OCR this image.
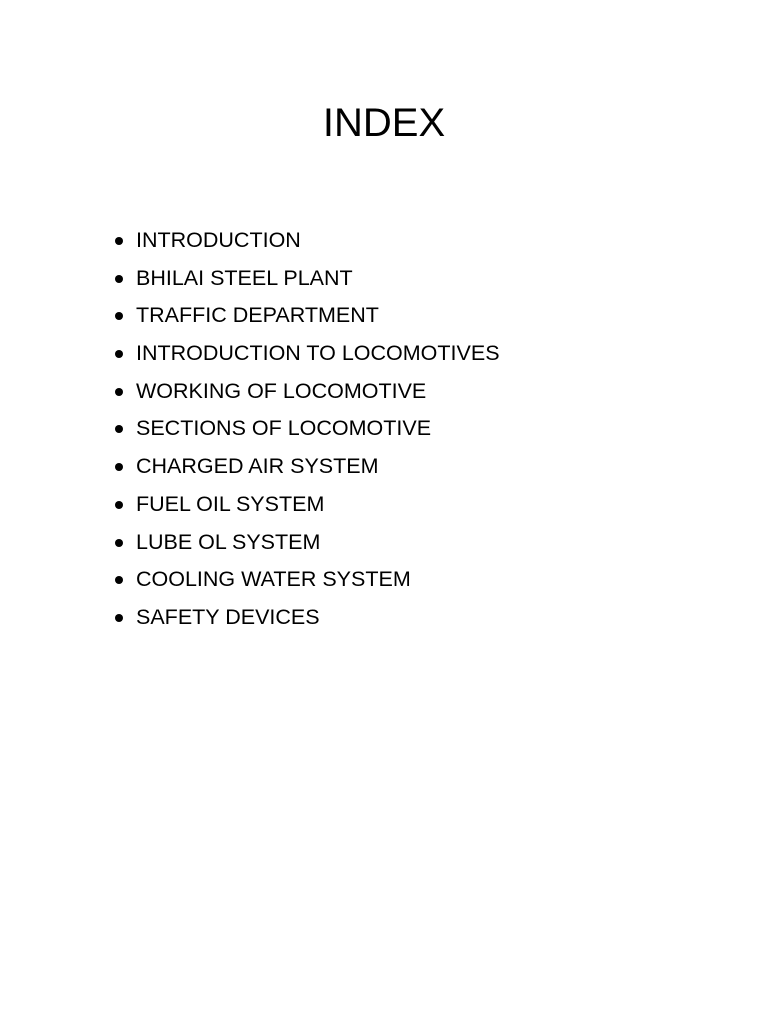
INDEX
INTRODUCTION
BHILAI STEEL PLANT
TRAFFIC DEPARTMENT
INTRODUCTION TO LOCOMOTIVES
WORKING OF LOCOMOTIVE
SECTIONS OF LOCOMOTIVE
CHARGED AIR SYSTEM
FUEL OIL SYSTEM
LUBE OL SYSTEM
COOLING WATER SYSTEM
SAFETY DEVICES
